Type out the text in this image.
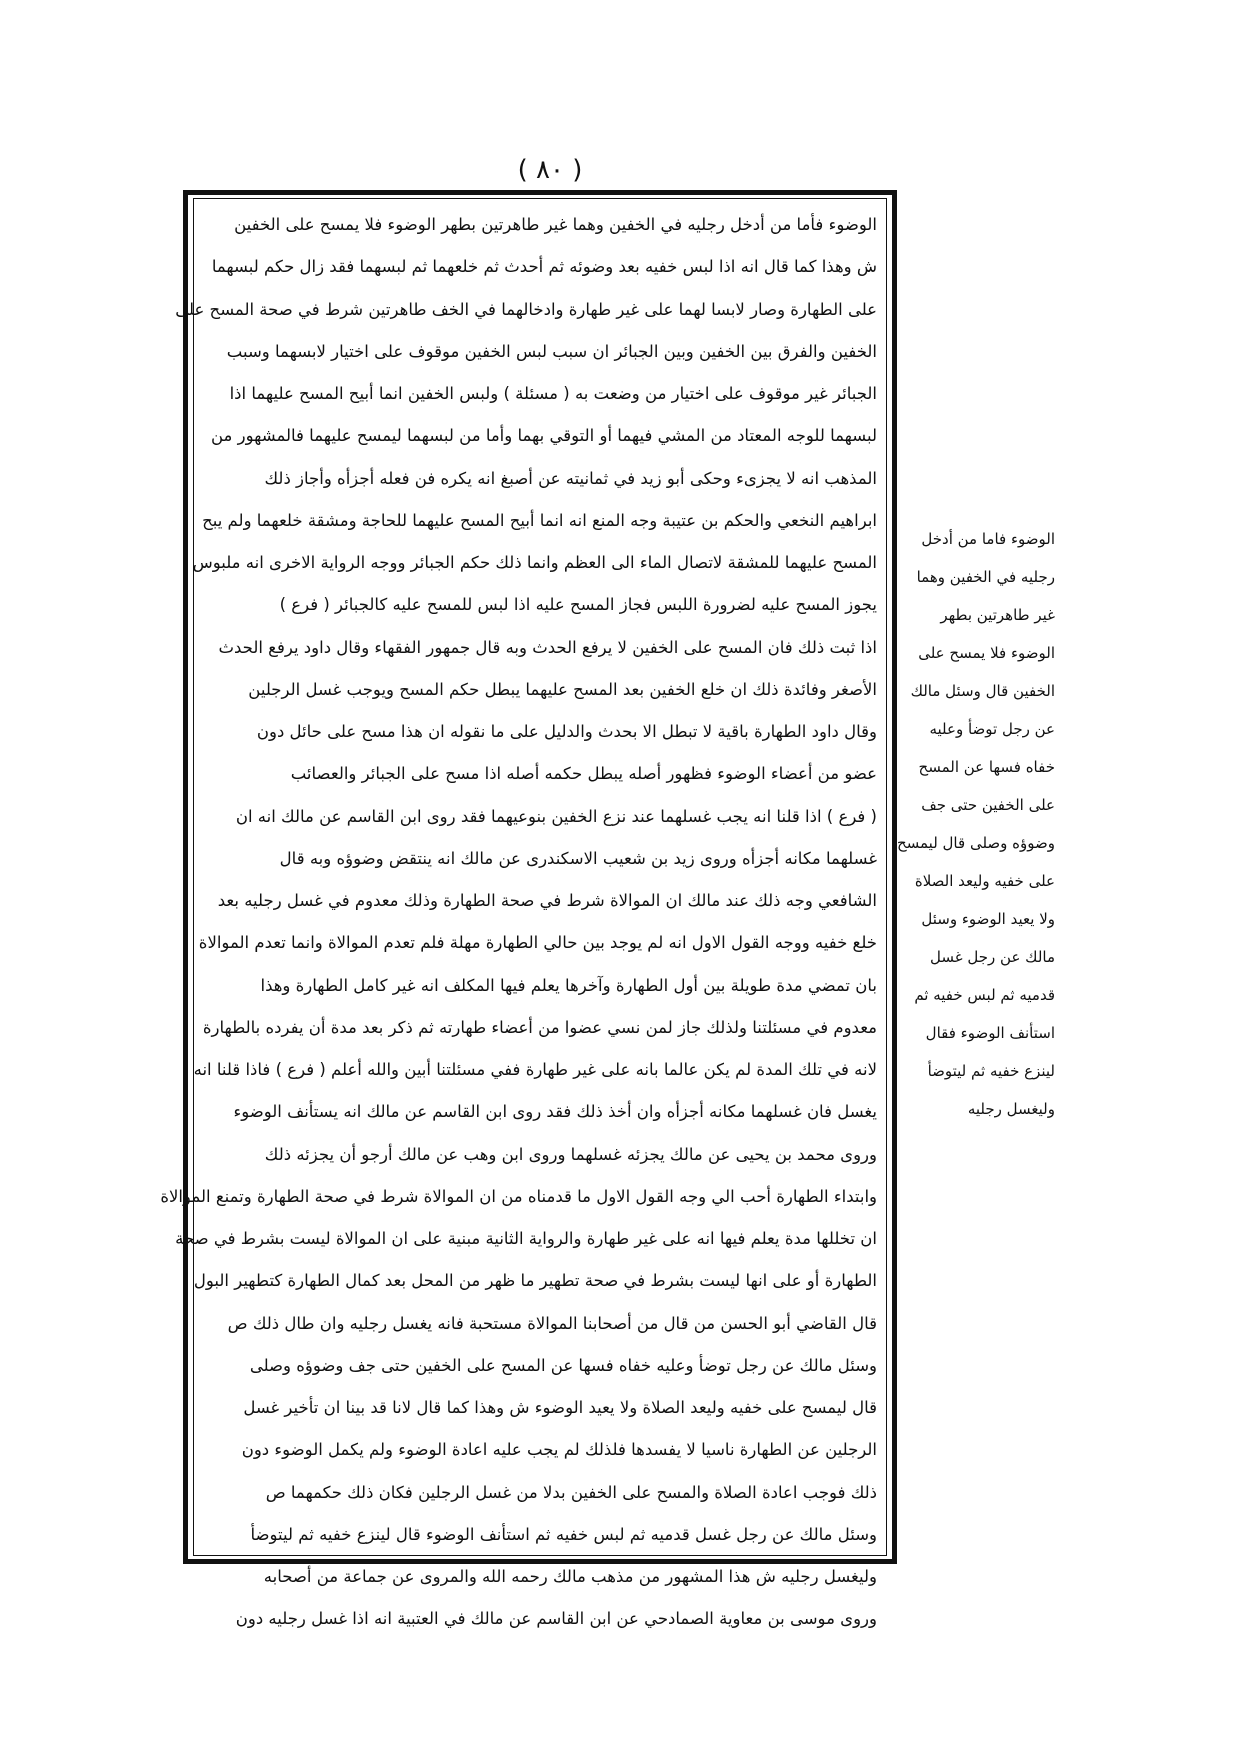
( ٨٠ )
الوضوء فأما من أدخل رجليه في الخفين وهما غير طاهرتين بطهر الوضوء فلا يمسح على الخفين
ش وهذا كما قال انه اذا لبس خفيه بعد وضوئه ثم أحدث ثم خلعهما ثم لبسهما فقد زال حكم لبسهما
على الطهارة وصار لابسا لهما على غير طهارة وادخالهما في الخف طاهرتين شرط في صحة المسح على
الخفين والفرق بين الخفين وبين الجبائر ان سبب لبس الخفين موقوف على اختيار لابسهما وسبب
الجبائر غير موقوف على اختيار من وضعت به ( مسئلة ) ولبس الخفين انما أبيح المسح عليهما اذا
لبسهما للوجه المعتاد من المشي فيهما أو التوقي بهما وأما من لبسهما ليمسح عليهما فالمشهور من
المذهب انه لا يجزىء وحكى أبو زيد في ثمانيته عن أصبغ انه يكره فن فعله أجزأه وأجاز ذلك
ابراهيم النخعي والحكم بن عتيبة وجه المنع انه انما أبيح المسح عليهما للحاجة ومشقة خلعهما ولم يبح
المسح عليهما للمشقة لاتصال الماء الى العظم وانما ذلك حكم الجبائر ووجه الرواية الاخرى انه ملبوس
يجوز المسح عليه لضرورة اللبس فجاز المسح عليه اذا لبس للمسح عليه كالجبائر ( فرع )
اذا ثبت ذلك فان المسح على الخفين لا يرفع الحدث وبه قال جمهور الفقهاء وقال داود يرفع الحدث
الأصغر وفائدة ذلك ان خلع الخفين بعد المسح عليهما يبطل حكم المسح ويوجب غسل الرجلين
وقال داود الطهارة باقية لا تبطل الا بحدث والدليل على ما نقوله ان هذا مسح على حائل دون
عضو من أعضاء الوضوء فظهور أصله يبطل حكمه أصله اذا مسح على الجبائر والعصائب
( فرع ) اذا قلنا انه يجب غسلهما عند نزع الخفين بنوعيهما فقد روى ابن القاسم عن مالك انه ان
غسلهما مكانه أجزأه وروى زيد بن شعيب الاسكندرى عن مالك انه ينتقض وضوؤه وبه قال
الشافعي وجه ذلك عند مالك ان الموالاة شرط في صحة الطهارة وذلك معدوم في غسل رجليه بعد
خلع خفيه ووجه القول الاول انه لم يوجد بين حالي الطهارة مهلة فلم تعدم الموالاة وانما تعدم الموالاة
بان تمضي مدة طويلة بين أول الطهارة وآخرها يعلم فيها المكلف انه غير كامل الطهارة وهذا
معدوم في مسئلتنا ولذلك جاز لمن نسي عضوا من أعضاء طهارته ثم ذكر بعد مدة أن يفرده بالطهارة
لانه في تلك المدة لم يكن عالما بانه على غير طهارة ففي مسئلتنا أبين والله أعلم ( فرع ) فاذا قلنا انه
يغسل فان غسلهما مكانه أجزأه وان أخذ ذلك فقد روى ابن القاسم عن مالك انه يستأنف الوضوء
وروى محمد بن يحيى عن مالك يجزئه غسلهما وروى ابن وهب عن مالك أرجو أن يجزئه ذلك
وابتداء الطهارة أحب الي وجه القول الاول ما قدمناه من ان الموالاة شرط في صحة الطهارة وتمنع الموالاة
ان تخللها مدة يعلم فيها انه على غير طهارة والرواية الثانية مبنية على ان الموالاة ليست بشرط في صحة
الطهارة أو على انها ليست بشرط في صحة تطهير ما ظهر من المحل بعد كمال الطهارة كتطهير البول
قال القاضي أبو الحسن من قال من أصحابنا الموالاة مستحبة فانه يغسل رجليه وان طال ذلك ص
وسئل مالك عن رجل توضأ وعليه خفاه فسها عن المسح على الخفين حتى جف وضوؤه وصلى
قال ليمسح على خفيه وليعد الصلاة ولا يعيد الوضوء ش وهذا كما قال لانا قد بينا ان تأخير غسل
الرجلين عن الطهارة ناسيا لا يفسدها فلذلك لم يجب عليه اعادة الوضوء ولم يكمل الوضوء دون
ذلك فوجب اعادة الصلاة والمسح على الخفين بدلا من غسل الرجلين فكان ذلك حكمهما ص
وسئل مالك عن رجل غسل قدميه ثم لبس خفيه ثم استأنف الوضوء قال لينزع خفيه ثم ليتوضأ
وليغسل رجليه ش هذا المشهور من مذهب مالك رحمه الله والمروى عن جماعة من أصحابه
وروى موسى بن معاوية الصمادحي عن ابن القاسم عن مالك في العتبية انه اذا غسل رجليه دون
الوضوء فاما من أدخل
رجليه في الخفين وهما
غير طاهرتين بطهر
الوضوء فلا يمسح على
الخفين قال وسئل مالك
عن رجل توضأ وعليه
خفاه فسها عن المسح
على الخفين حتى جف
وضوؤه وصلى قال ليمسح
على خفيه وليعد الصلاة
ولا يعيد الوضوء وسئل
مالك عن رجل غسل
قدميه ثم لبس خفيه ثم
استأنف الوضوء فقال
لينزع خفيه ثم ليتوضأ
وليغسل رجليه
